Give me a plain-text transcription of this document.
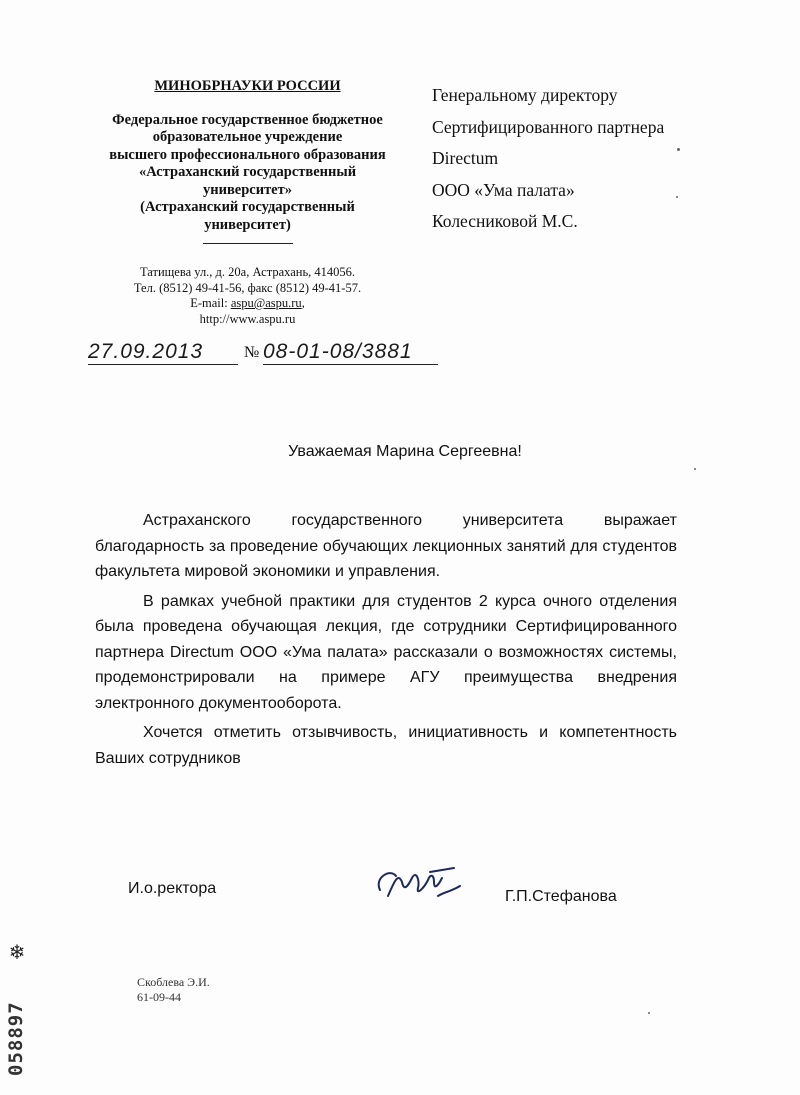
МИНОБРНАУКИ РОССИИ
Федеральное государственное бюджетное
образовательное учреждение
высшего профессионального образования
«Астраханский государственный
университет»
(Астраханский государственный
университет)
Татищева ул., д. 20а, Астрахань, 414056.
Тел. (8512) 49-41-56, факс (8512) 49-41-57.
E-mail: aspu@aspu.ru,
http://www.aspu.ru
27.09.2013	№ 08-01-08/3881
Генеральному директору
Сертифицированного партнера
Directum
ООО «Ума палата»
Колесниковой М.С.
Уважаемая Марина Сергеевна!

Астраханского государственного университета выражает благодарность за проведение обучающих лекционных занятий для студентов факультета мировой экономики и управления.

В рамках учебной практики для студентов 2 курса очного отделения была проведена обучающая лекция, где сотрудники Сертифицированного партнера Directum ООО «Ума палата» рассказали о возможностях системы, продемонстрировали на примере АГУ преимущества внедрения электронного документооборота.

Хочется отметить отзывчивость, инициативность и компетентность Ваших сотрудников

И.о.ректора	Г.П.Стефанова
Скоблева Э.И.
61-09-44
❄
058897
